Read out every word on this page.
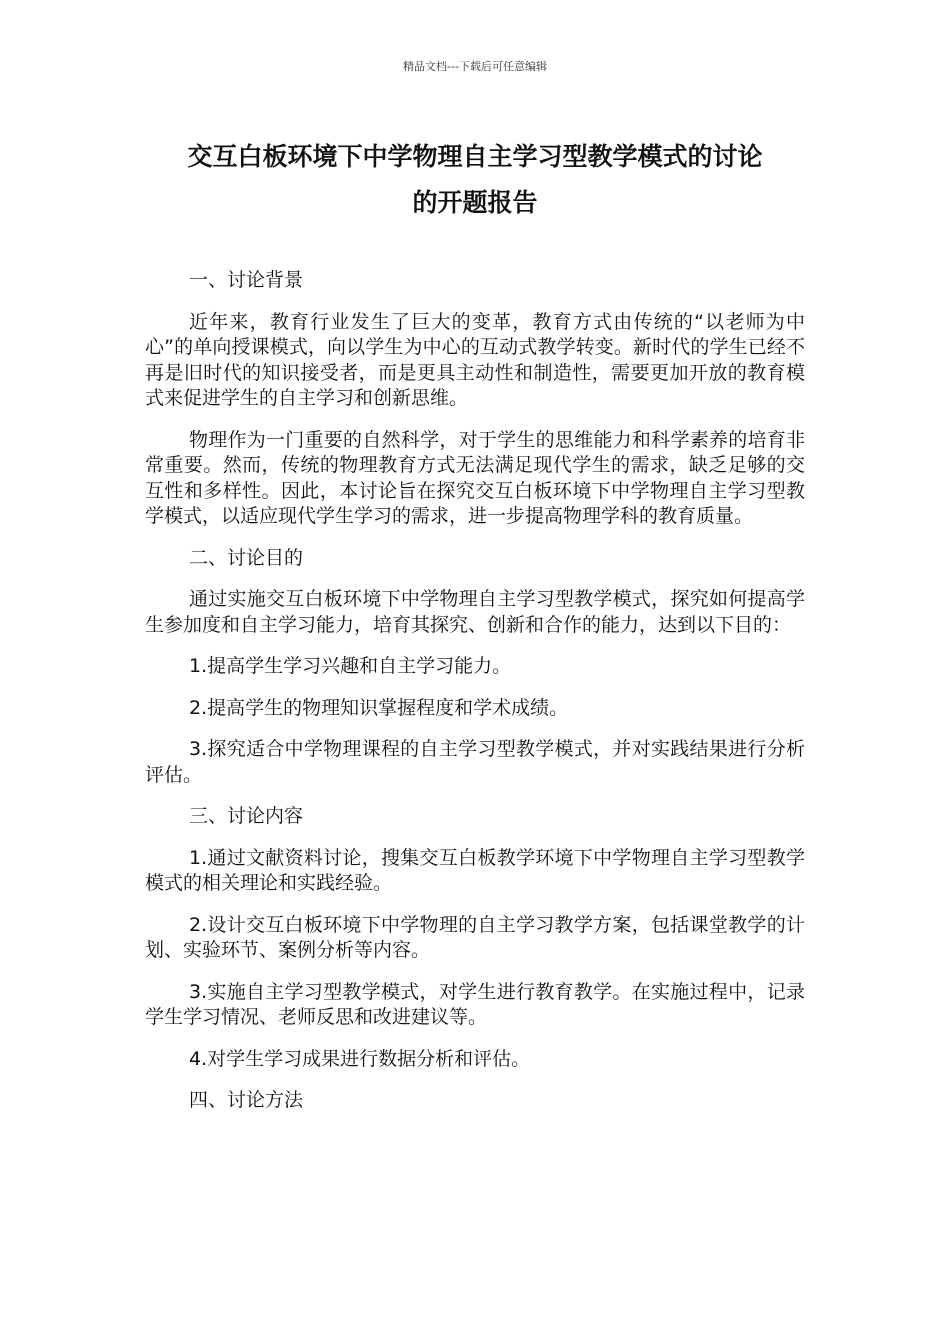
精品文档---下载后可任意编辑
交互白板环境下中学物理自主学习型教学模式的讨论
的开题报告
一、讨论背景

近年来，教育行业发生了巨大的变革，教育方式由传统的“以老师为中心”的单向授课模式，向以学生为中心的互动式教学转变。新时代的学生已经不再是旧时代的知识接受者，而是更具主动性和制造性，需要更加开放的教育模式来促进学生的自主学习和创新思维。

物理作为一门重要的自然科学，对于学生的思维能力和科学素养的培育非常重要。然而，传统的物理教育方式无法满足现代学生的需求，缺乏足够的交互性和多样性。因此，本讨论旨在探究交互白板环境下中学物理自主学习型教学模式，以适应现代学生学习的需求，进一步提高物理学科的教育质量。

二、讨论目的

通过实施交互白板环境下中学物理自主学习型教学模式，探究如何提高学生参加度和自主学习能力，培育其探究、创新和合作的能力，达到以下目的：

1.提高学生学习兴趣和自主学习能力。

2.提高学生的物理知识掌握程度和学术成绩。

3.探究适合中学物理课程的自主学习型教学模式，并对实践结果进行分析评估。

三、讨论内容

1.通过文献资料讨论，搜集交互白板教学环境下中学物理自主学习型教学模式的相关理论和实践经验。

2.设计交互白板环境下中学物理的自主学习教学方案，包括课堂教学的计划、实验环节、案例分析等内容。

3.实施自主学习型教学模式，对学生进行教育教学。在实施过程中，记录学生学习情况、老师反思和改进建议等。

4.对学生学习成果进行数据分析和评估。

四、讨论方法
